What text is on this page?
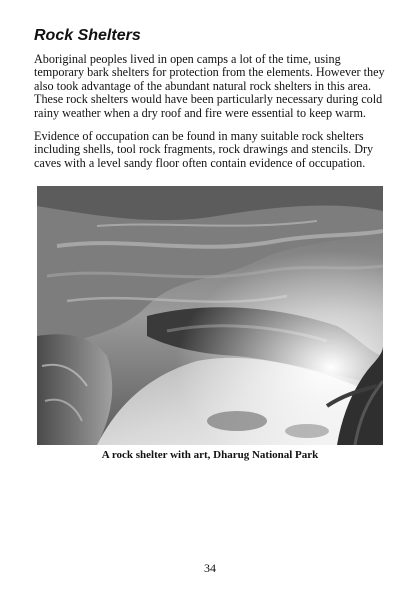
Rock Shelters

Aboriginal peoples lived in open camps a lot of the time, using temporary bark shelters for protection from the elements. However they also took advantage of the abundant natural rock shelters in this area. These rock shelters would have been particularly necessary during cold rainy weather when a dry roof and fire were essential to keep warm.

Evidence of occupation can be found in many suitable rock shelters including shells, tool rock fragments, rock drawings and stencils. Dry caves with a level sandy floor often contain evidence of occupation.

A rock shelter with art, Dharug National Park

34
